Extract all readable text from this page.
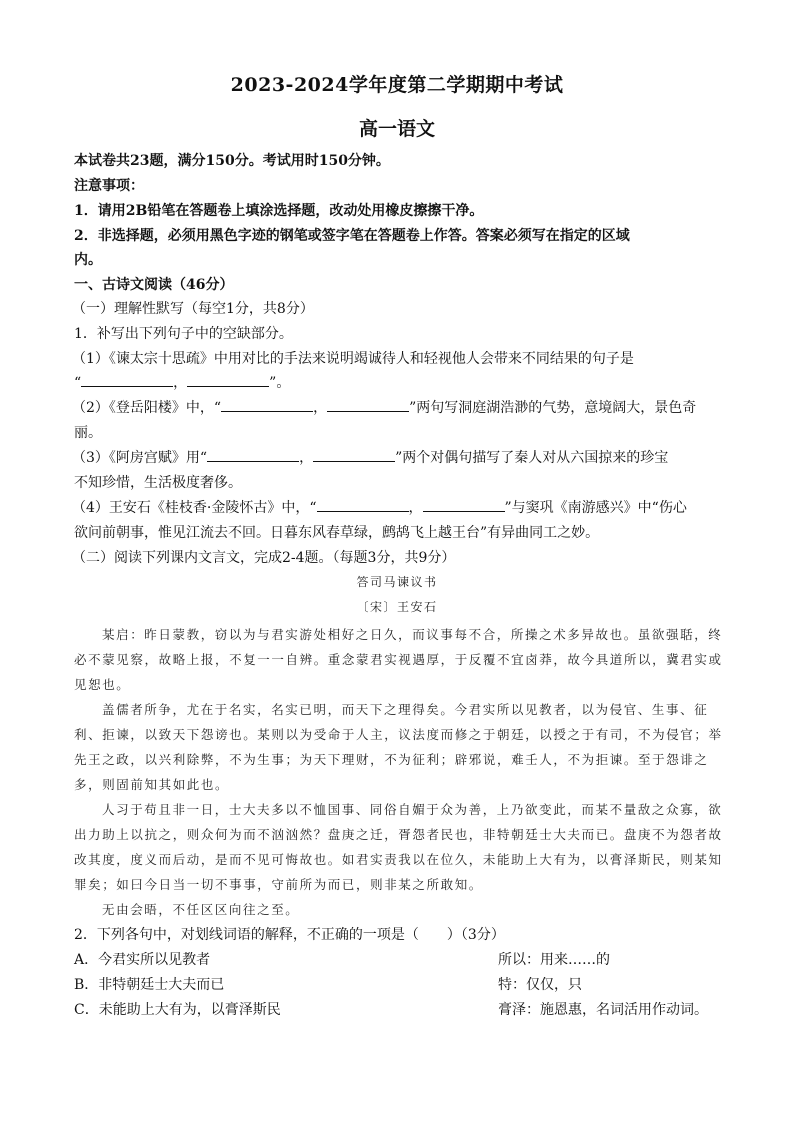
2023-2024学年度第二学期期中考试
高一语文
本试卷共23题，满分150分。考试用时150分钟。
注意事项：
1．请用2B铅笔在答题卷上填涂选择题，改动处用橡皮擦擦干净。
2．非选择题，必须用黑色字迹的钢笔或签字笔在答题卷上作答。答案必须写在指定的区域
内。
一、古诗文阅读（46分）
（一）理解性默写（每空1分，共8分）
1．补写出下列句子中的空缺部分。
（1）《谏太宗十思疏》中用对比的手法来说明竭诚待人和轻视他人会带来不同结果的句子是
“	，	”。
（2）《登岳阳楼》中，“	，	”两句写洞庭湖浩渺的气势，意境阔大，景色奇
丽。
（3）《阿房宫赋》用“	，	”两个对偶句描写了秦人对从六国掠来的珍宝
不知珍惜，生活极度奢侈。
（4）王安石《桂枝香·金陵怀古》中，“	，	”与窦巩《南游感兴》中“伤心
欲问前朝事，惟见江流去不回。日暮东风春草绿，鹧鸪飞上越王台”有异曲同工之妙。
（二）阅读下列课内文言文，完成2-4题。（每题3分，共9分）
答司马谏议书
〔宋〕王安石
某启：昨日蒙教，窃以为与君实游处相好之日久，而议事每不合，所操之术多异故也。虽欲强聒，终
必不蒙见察，故略上报，不复一一自辨。重念蒙君实视遇厚，于反覆不宜卤莽，故今具道所以，冀君实或
见恕也。
盖儒者所争，尤在于名实，名实已明，而天下之理得矣。今君实所以见教者，以为侵官、生事、征
利、拒谏，以致天下怨谤也。某则以为受命于人主，议法度而修之于朝廷，以授之于有司，不为侵官；举
先王之政，以兴利除弊，不为生事；为天下理财，不为征利；辟邪说，难壬人，不为拒谏。至于怨诽之
多，则固前知其如此也。
人习于苟且非一日，士大夫多以不恤国事、同俗自媚于众为善，上乃欲变此，而某不量敌之众寡，欲
出力助上以抗之，则众何为而不汹汹然？盘庚之迁，胥怨者民也，非特朝廷士大夫而已。盘庚不为怨者故
改其度，度义而后动，是而不见可悔故也。如君实责我以在位久，未能助上大有为，以膏泽斯民，则某知
罪矣；如曰今日当一切不事事，守前所为而已，则非某之所敢知。
无由会晤，不任区区向往之至。
2．下列各句中，对划线词语的解释，不正确的一项是（　　）（3分）
A．今君实所以见教者	所以：用来……的
B．非特朝廷士大夫而已	特：仅仅，只
C．未能助上大有为，以膏泽斯民	膏泽：施恩惠，名词活用作动词。
